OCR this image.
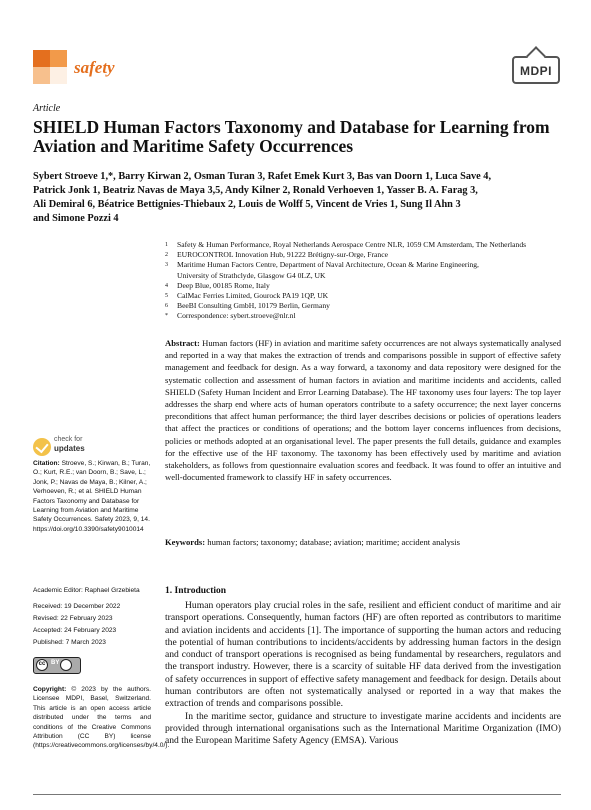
safety	MDPI
Article
SHIELD Human Factors Taxonomy and Database for Learning from Aviation and Maritime Safety Occurrences
Sybert Stroeve 1,*, Barry Kirwan 2, Osman Turan 3, Rafet Emek Kurt 3, Bas van Doorn 1, Luca Save 4,
Patrick Jonk 1, Beatriz Navas de Maya 3,5, Andy Kilner 2, Ronald Verhoeven 1, Yasser B. A. Farag 3,
Ali Demiral 6, Béatrice Bettignies-Thiebaux 2, Louis de Wolff 5, Vincent de Vries 1, Sung Il Ahn 3
and Simone Pozzi 4
1	Safety & Human Performance, Royal Netherlands Aerospace Centre NLR, 1059 CM Amsterdam, The Netherlands
2	EUROCONTROL Innovation Hub, 91222 Brétigny-sur-Orge, France
3	Maritime Human Factors Centre, Department of Naval Architecture, Ocean & Marine Engineering,
University of Strathclyde, Glasgow G4 0LZ, UK
4	Deep Blue, 00185 Rome, Italy
5	CalMac Ferries Limited, Gourock PA19 1QP, UK
6	BeeBI Consulting GmbH, 10179 Berlin, Germany
*	Correspondence: sybert.stroeve@nlr.nl
Abstract: Human factors (HF) in aviation and maritime safety occurrences are not always systematically analysed and reported in a way that makes the extraction of trends and comparisons possible in support of effective safety management and feedback for design. As a way forward, a taxonomy and data repository were designed for the systematic collection and assessment of human factors in aviation and maritime incidents and accidents, called SHIELD (Safety Human Incident and Error Learning Database). The HF taxonomy uses four layers: The top layer addresses the sharp end where acts of human operators contribute to a safety occurrence; the next layer concerns preconditions that affect human performance; the third layer describes decisions or policies of operations leaders that affect the practices or conditions of operations; and the bottom layer concerns influences from decisions, policies or methods adopted at an organisational level. The paper presents the full details, guidance and examples for the effective use of the HF taxonomy. The taxonomy has been effectively used by maritime and aviation stakeholders, as follows from questionnaire evaluation scores and feedback. It was found to offer an intuitive and well-documented framework to classify HF in safety occurrences.
Keywords: human factors; taxonomy; database; aviation; maritime; accident analysis
check for
updates
Citation: Stroeve, S.; Kirwan, B.; Turan, O.; Kurt, R.E.; van Doorn, B.; Save, L.; Jonk, P.; Navas de Maya, B.; Kilner, A.; Verhoeven, R.; et al. SHIELD Human Factors Taxonomy and Database for Learning from Aviation and Maritime Safety Occurrences. Safety 2023, 9, 14. https://doi.org/10.3390/safety9010014
Academic Editor: Raphael Grzebieta
Received: 19 December 2022
Revised: 22 February 2023
Accepted: 24 February 2023
Published: 7 March 2023
cc BY
Copyright: © 2023 by the authors. Licensee MDPI, Basel, Switzerland. This article is an open access article distributed under the terms and conditions of the Creative Commons Attribution (CC BY) license (https://creativecommons.org/licenses/by/4.0/).
1. Introduction

Human operators play crucial roles in the safe, resilient and efficient conduct of maritime and air transport operations. Consequently, human factors (HF) are often reported as contributors to maritime and aviation incidents and accidents [1]. The importance of supporting the human actors and reducing the potential of human contributions to incidents/accidents by addressing human factors in the design and conduct of transport operations is recognised as being fundamental by researchers, regulators and the transport industry. However, there is a scarcity of suitable HF data derived from the investigation of safety occurrences in support of effective safety management and feedback for design. Details about human contributors are often not systematically analysed or reported in a way that makes the extraction of trends and comparisons possible.

In the maritime sector, guidance and structure to investigate marine accidents and incidents are provided through international organisations such as the International Maritime Organization (IMO) and the European Maritime Safety Agency (EMSA). Various
